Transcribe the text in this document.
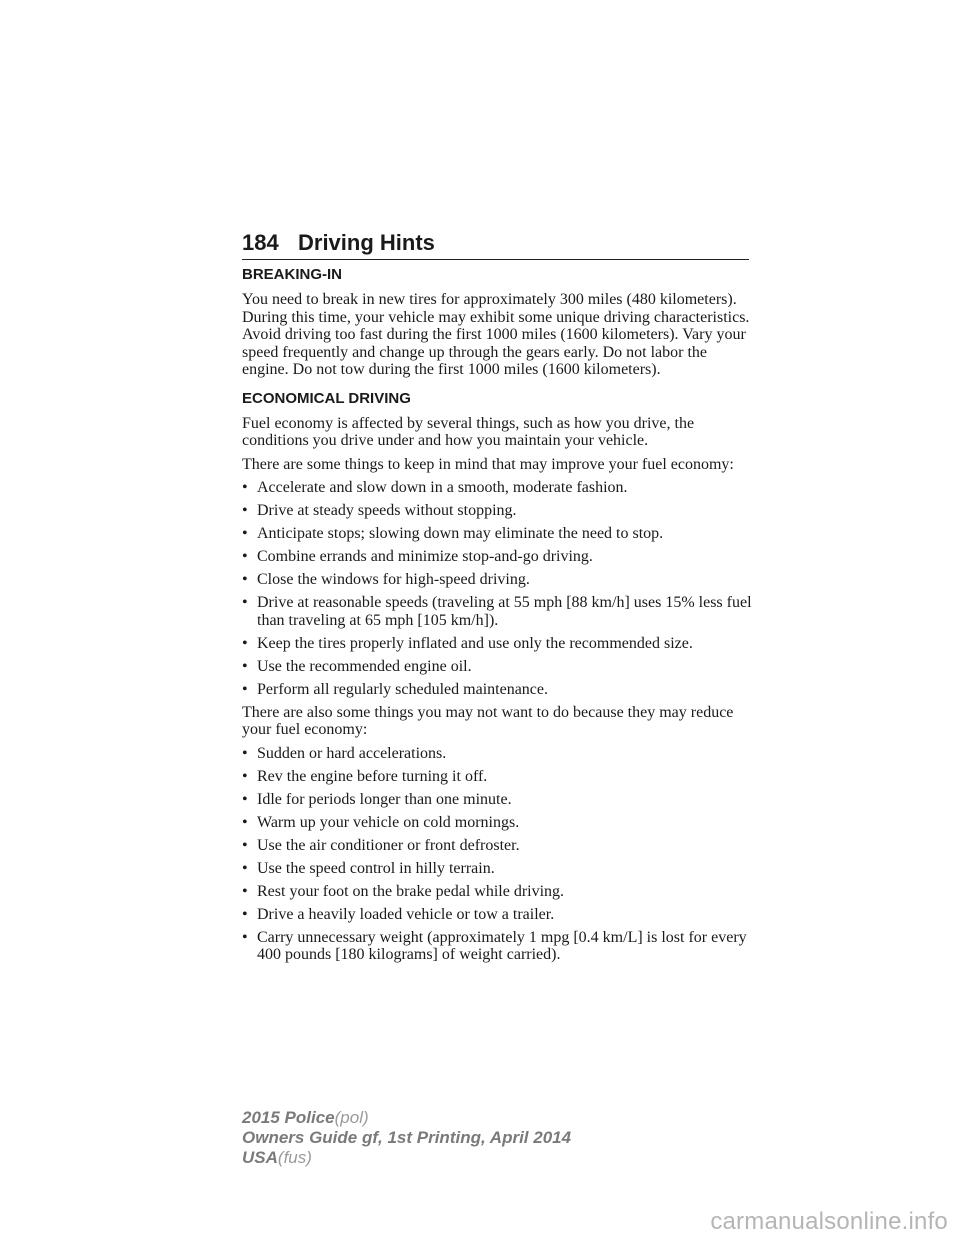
184 Driving Hints
BREAKING-IN

You need to break in new tires for approximately 300 miles (480 kilometers). During this time, your vehicle may exhibit some unique driving characteristics. Avoid driving too fast during the first 1000 miles (1600 kilometers). Vary your speed frequently and change up through the gears early. Do not labor the engine. Do not tow during the first 1000 miles (1600 kilometers).

ECONOMICAL DRIVING

Fuel economy is affected by several things, such as how you drive, the conditions you drive under and how you maintain your vehicle.

There are some things to keep in mind that may improve your fuel economy:

• Accelerate and slow down in a smooth, moderate fashion.
• Drive at steady speeds without stopping.
• Anticipate stops; slowing down may eliminate the need to stop.
• Combine errands and minimize stop-and-go driving.
• Close the windows for high-speed driving.
• Drive at reasonable speeds (traveling at 55 mph [88 km/h] uses 15% less fuel than traveling at 65 mph [105 km/h]).
• Keep the tires properly inflated and use only the recommended size.
• Use the recommended engine oil.
• Perform all regularly scheduled maintenance.

There are also some things you may not want to do because they may reduce your fuel economy:

• Sudden or hard accelerations.
• Rev the engine before turning it off.
• Idle for periods longer than one minute.
• Warm up your vehicle on cold mornings.
• Use the air conditioner or front defroster.
• Use the speed control in hilly terrain.
• Rest your foot on the brake pedal while driving.
• Drive a heavily loaded vehicle or tow a trailer.
• Carry unnecessary weight (approximately 1 mpg [0.4 km/L] is lost for every 400 pounds [180 kilograms] of weight carried).
2015 Police(pol)
Owners Guide gf, 1st Printing, April 2014
USA(fus)
carmanualsonline.info
